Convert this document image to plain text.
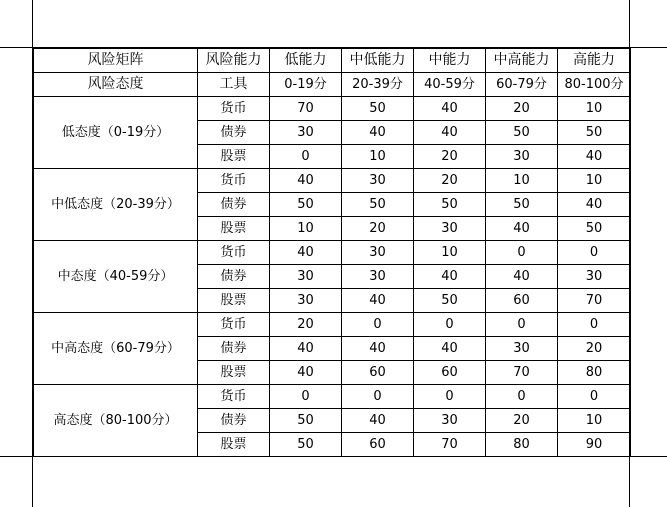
风险矩阵	风险能力	低能力	中低能力	中能力	中高能力	高能力
风险态度	工具	0-19分	20-39分	40-59分	60-79分	80-100分
低态度（0-19分）	货币	70	50	40	20	10
	债券	30	40	40	50	50
	股票	0	10	20	30	40
中低态度（20-39分）	货币	40	30	20	10	10
	债券	50	50	50	50	40
	股票	10	20	30	40	50
中态度（40-59分）	货币	40	30	10	0	0
	债券	30	30	40	40	30
	股票	30	40	50	60	70
中高态度（60-79分）	货币	20	0	0	0	0
	债券	40	40	40	30	20
	股票	40	60	60	70	80
高态度（80-100分）	货币	0	0	0	0	0
	债券	50	40	30	20	10
	股票	50	60	70	80	90
